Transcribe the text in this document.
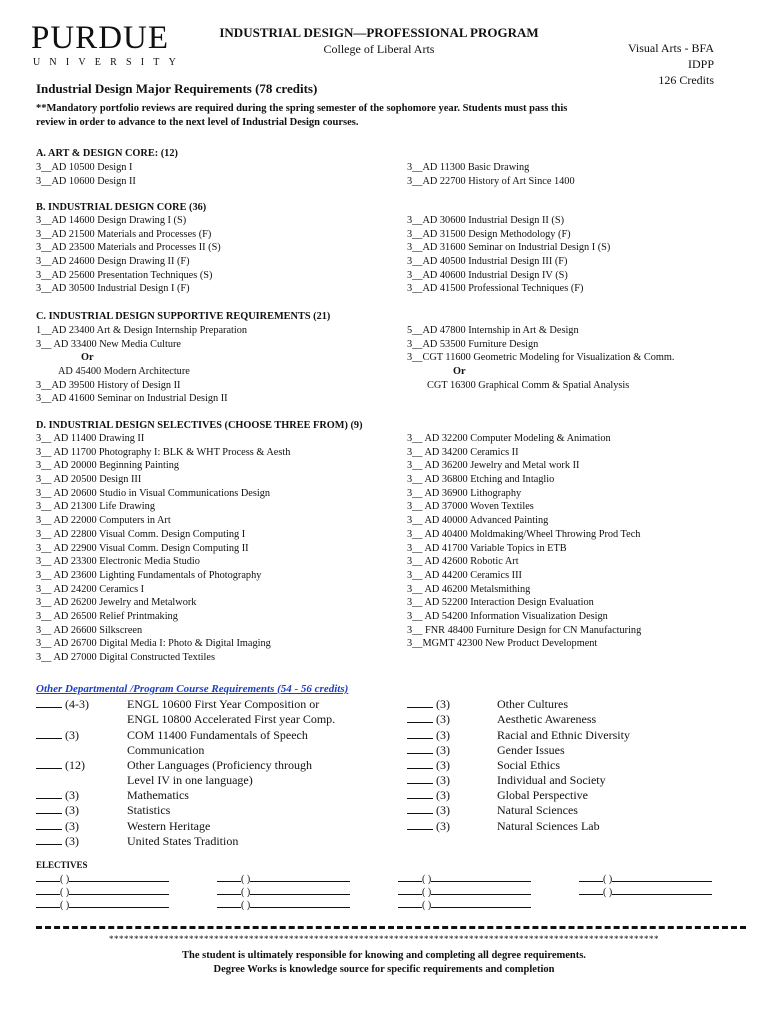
PURDUE
UNIVERSITY
INDUSTRIAL DESIGN—PROFESSIONAL PROGRAM
College of Liberal Arts	Visual Arts - BFA
IDPP
126 Credits
Industrial Design Major Requirements (78 credits)
**Mandatory portfolio reviews are required during the spring semester of the sophomore year. Students must pass this
review in order to advance to the next level of Industrial Design courses.
A. ART & DESIGN CORE: (12)
3__AD 10500 Design I
3__AD 10600 Design II
3__AD 11300 Basic Drawing
3__AD 22700 History of Art Since 1400
B. INDUSTRIAL DESIGN CORE (36)
3__AD 14600 Design Drawing I (S)
3__AD 21500 Materials and Processes (F)
3__AD 23500 Materials and Processes II (S)
3__AD 24600 Design Drawing II (F)
3__AD 25600 Presentation Techniques (S)
3__AD 30500 Industrial Design I (F)
3__AD 30600 Industrial Design II (S)
3__AD 31500 Design Methodology (F)
3__AD 31600 Seminar on Industrial Design I (S)
3__AD 40500 Industrial Design III (F)
3__AD 40600 Industrial Design IV (S)
3__AD 41500 Professional Techniques (F)
C. INDUSTRIAL DESIGN SUPPORTIVE REQUIREMENTS (21)
1__AD 23400 Art & Design Internship Preparation
3__ AD 33400 New Media Culture
Or
AD 45400 Modern Architecture
3__AD 39500 History of Design II
3__AD 41600 Seminar on Industrial Design II
5__AD 47800 Internship in Art & Design
3__AD 53500 Furniture Design
3__CGT 11600 Geometric Modeling for Visualization & Comm.
Or
CGT 16300 Graphical Comm & Spatial Analysis
D. INDUSTRIAL DESIGN SELECTIVES (CHOOSE THREE FROM) (9)
3__ AD 11400 Drawing II
3__ AD 11700 Photography I: BLK & WHT Process & Aesth
3__ AD 20000 Beginning Painting
3__ AD 20500 Design III
3__ AD 20600 Studio in Visual Communications Design
3__ AD 21300 Life Drawing
3__ AD 22000 Computers in Art
3__ AD 22800 Visual Comm. Design Computing I
3__ AD 22900 Visual Comm. Design Computing II
3__ AD 23300 Electronic Media Studio
3__ AD 23600 Lighting Fundamentals of Photography
3__ AD 24200 Ceramics I
3__ AD 26200 Jewelry and Metalwork
3__ AD 26500 Relief Printmaking
3__ AD 26600 Silkscreen
3__ AD 26700 Digital Media I: Photo & Digital Imaging
3__ AD 27000 Digital Constructed Textiles
3__ AD 32200 Computer Modeling & Animation
3__ AD 34200 Ceramics II
3__ AD 36200 Jewelry and Metal work II
3__ AD 36800 Etching and Intaglio
3__ AD 36900 Lithography
3__ AD 37000 Woven Textiles
3__ AD 40000 Advanced Painting
3__ AD 40400 Moldmaking/Wheel Throwing Prod Tech
3__ AD 41700 Variable Topics in ETB
3__ AD 42600 Robotic Art
3__ AD 44200 Ceramics III
3__ AD 46200 Metalsmithing
3__ AD 52200 Interaction Design Evaluation
3__ AD 54200 Information Visualization Design
3__ FNR 48400 Furniture Design for CN Manufacturing
3__MGMT 42300 New Product Development
Other Departmental /Program Course Requirements (54 - 56 credits)
(4-3)	ENGL 10600 First Year Composition or
ENGL 10800 Accelerated First year Comp.
(3)	COM 11400 Fundamentals of Speech
Communication
(12)	Other Languages (Proficiency through
Level IV in one language)
(3)	Mathematics
(3)	Statistics
(3)	Western Heritage
(3)	United States Tradition
(3)	Other Cultures
(3)	Aesthetic Awareness
(3)	Racial and Ethnic Diversity
(3)	Gender Issues
(3)	Social Ethics
(3)	Individual and Society
(3)	Global Perspective
(3)	Natural Sciences
(3)	Natural Sciences Lab
ELECTIVES
( )
( )
( )
( )
( )
( )
( )
( )
( )
( )
( )
**************************************************************************************************************
The student is ultimately responsible for knowing and completing all degree requirements.
Degree Works is knowledge source for specific requirements and completion
